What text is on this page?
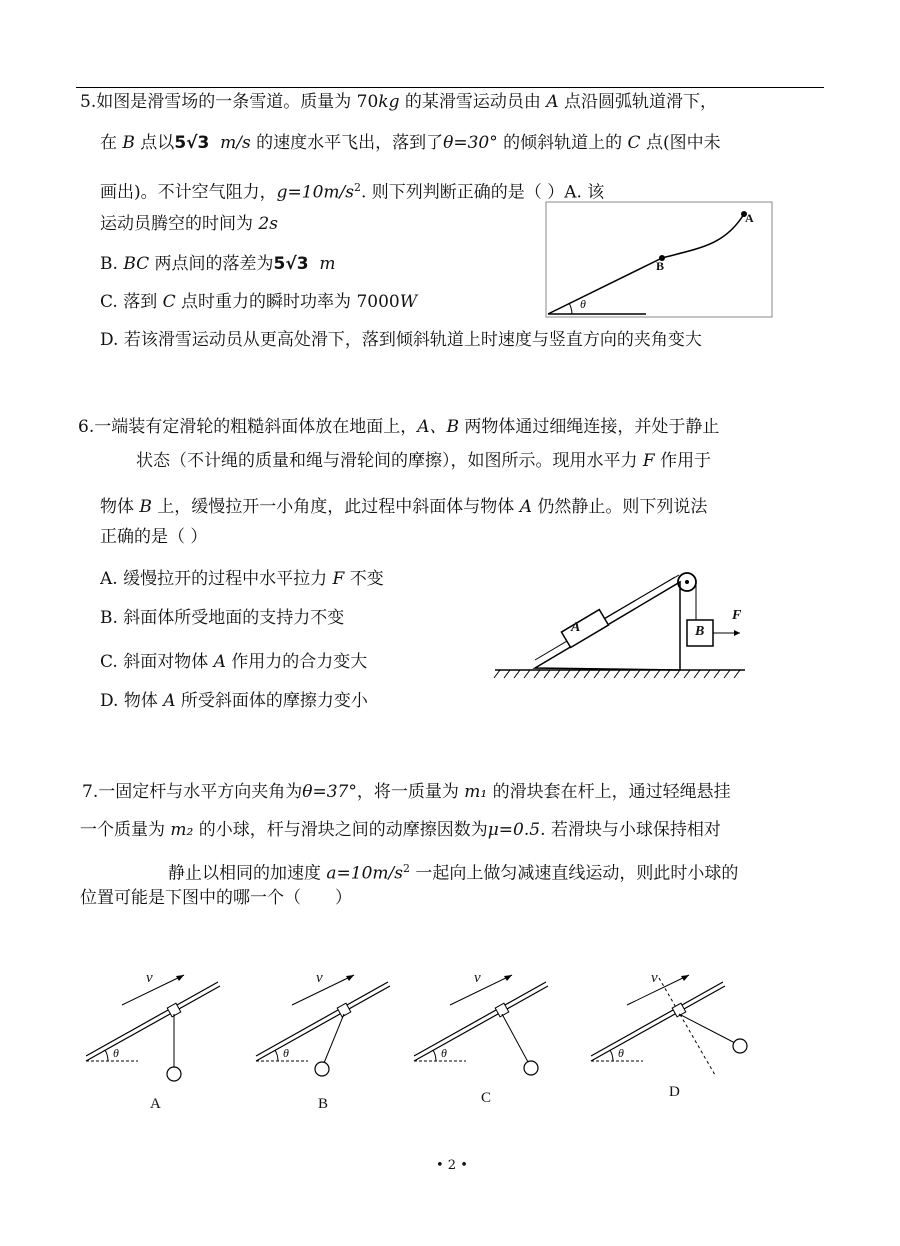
5.如图是滑雪场的一条雪道。质量为 70kg 的某滑雪运动员由 A 点沿圆弧轨道滑下，
在 B 点以5√3 m/s 的速度水平飞出，落到了θ=30° 的倾斜轨道上的 C 点(图中未
画出)。不计空气阻力，$g=10m/s^2$. 则下列判断正确的是（ ）A. 该
运动员腾空的时间为 2s
B. BC 两点间的落差为5√3 m
C. 落到 C 点时重力的瞬时功率为 7000W
D. 若该滑雪运动员从更高处滑下，落到倾斜轨道上时速度与竖直方向的夹角变大
A
B
θ
6.一端装有定滑轮的粗糙斜面体放在地面上，A、B 两物体通过细绳连接，并处于静止
状态（不计绳的质量和绳与滑轮间的摩擦），如图所示。现用水平力 F 作用于
物体 B 上，缓慢拉开一小角度，此过程中斜面体与物体 A 仍然静止。则下列说法
正确的是（ ）
A. 缓慢拉开的过程中水平拉力 F 不变
B. 斜面体所受地面的支持力不变
C. 斜面对物体 A 作用力的合力变大
D. 物体 A 所受斜面体的摩擦力变小
A	B
F
7.一固定杆与水平方向夹角为θ=37°，将一质量为 m₁ 的滑块套在杆上，通过轻绳悬挂
一个质量为 m₂ 的小球，杆与滑块之间的动摩擦因数为μ=0.5. 若滑块与小球保持相对
静止以相同的加速度 $a=10m/s^2$ 一起向上做匀减速直线运动，则此时小球的
位置可能是下图中的哪一个（　　）
v	v	v	v
θ	θ	θ	θ
A	B	C	D
• 2 •
